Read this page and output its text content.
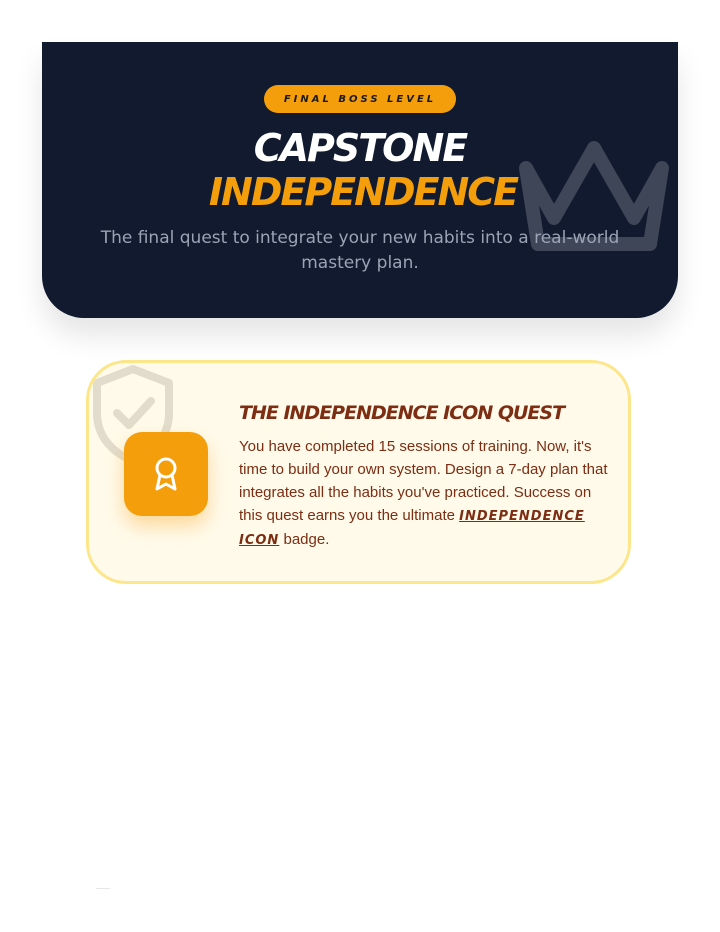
FINAL BOSS LEVEL
CAPSTONE
INDEPENDENCE
The final quest to integrate your new habits into a real-world mastery plan.
THE INDEPENDENCE ICON QUEST
You have completed 15 sessions of training. Now, it's time to build your own system. Design a 7-day plan that integrates all the habits you've practiced. Success on this quest earns you the ultimate INDEPENDENCE ICON badge.
